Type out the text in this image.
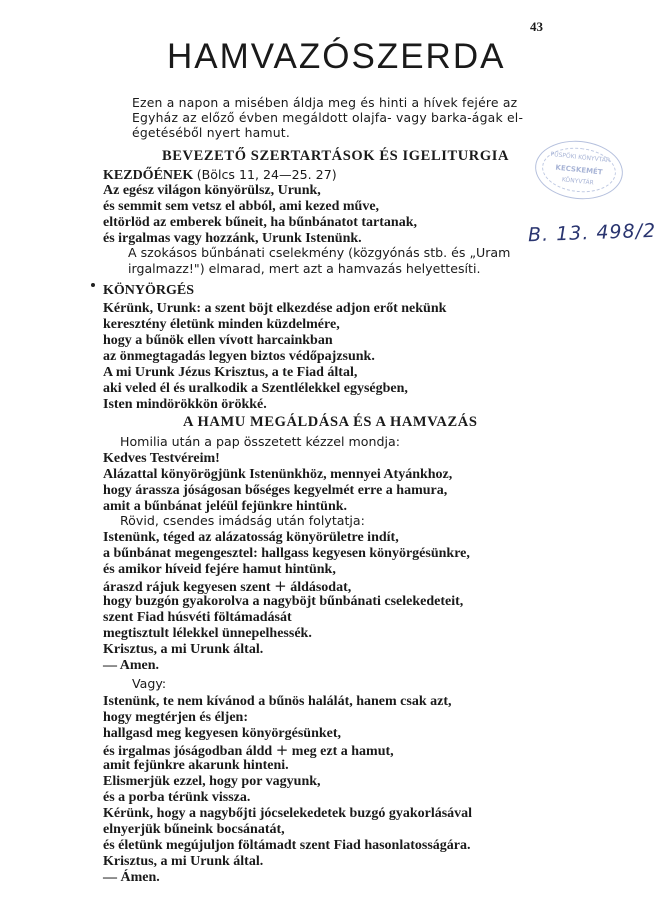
43
HAMVAZÓSZERDA
Ezen a napon a misében áldja meg és hinti a hívek fejére az
Egyház az előző évben megáldott olajfa- vagy barka-ágak el-
égetéséből nyert hamut.
BEVEZETŐ SZERTARTÁSOK ÉS IGELITURGIA
KEZDŐÉNEK (Bölcs 11, 24—25. 27)
Az egész világon könyörülsz, Urunk,
és semmit sem vetsz el abból, ami kezed műve,
eltörlöd az emberek bűneit, ha bűnbánatot tartanak,
és irgalmas vagy hozzánk, Urunk Istenünk.
A szokásos bűnbánati cselekmény (közgyónás stb. és „Uram
irgalmazz!") elmarad, mert azt a hamvazás helyettesíti.
KÖNYÖRGÉS
Kérünk, Urunk: a szent böjt elkezdése adjon erőt nekünk
keresztény életünk minden küzdelmére,
hogy a bűnök ellen vívott harcainkban
az önmegtagadás legyen biztos védőpajzsunk.
A mi Urunk Jézus Krisztus, a te Fiad által,
aki veled él és uralkodik a Szentlélekkel egységben,
Isten mindörökkön örökké.
A HAMU MEGÁLDÁSA ÉS A HAMVAZÁS
Homilia után a pap összetett kézzel mondja:
Kedves Testvéreim!
Alázattal könyörögjünk Istenünkhöz, mennyei Atyánkhoz,
hogy árassza jóságosan bőséges kegyelmét erre a hamura,
amit a bűnbánat jeléül fejünkre hintünk.
Rövid, csendes imádság után folytatja:
Istenünk, téged az alázatosság könyörületre indít,
a bűnbánat megengesztel: hallgass kegyesen könyörgésünkre,
és amikor híveid fejére hamut hintünk,
áraszd rájuk kegyesen szent + áldásodat,
hogy buzgón gyakorolva a nagyböjt bűnbánati cselekedeteit,
szent Fiad húsvéti föltámadását
megtisztult lélekkel ünnepelhessék.
Krisztus, a mi Urunk által.
— Amen.
Vagy:
Istenünk, te nem kívánod a bűnös halálát, hanem csak azt,
hogy megtérjen és éljen:
hallgasd meg kegyesen könyörgésünket,
és irgalmas jóságodban áldd + meg ezt a hamut,
amit fejünkre akarunk hinteni.
Elismerjük ezzel, hogy por vagyunk,
és a porba térünk vissza.
Kérünk, hogy a nagybőjti jócselekedetek buzgó gyakorlásával
elnyerjük bűneink bocsánatát,
és életünk megújuljon föltámadt szent Fiad hasonlatosságára.
Krisztus, a mi Urunk által.
— Ámen.
PÜSPÖKI KÖNYVTÁR
KECSKEMÉT
KÖNYVTÁR
B. 13. 498/2
